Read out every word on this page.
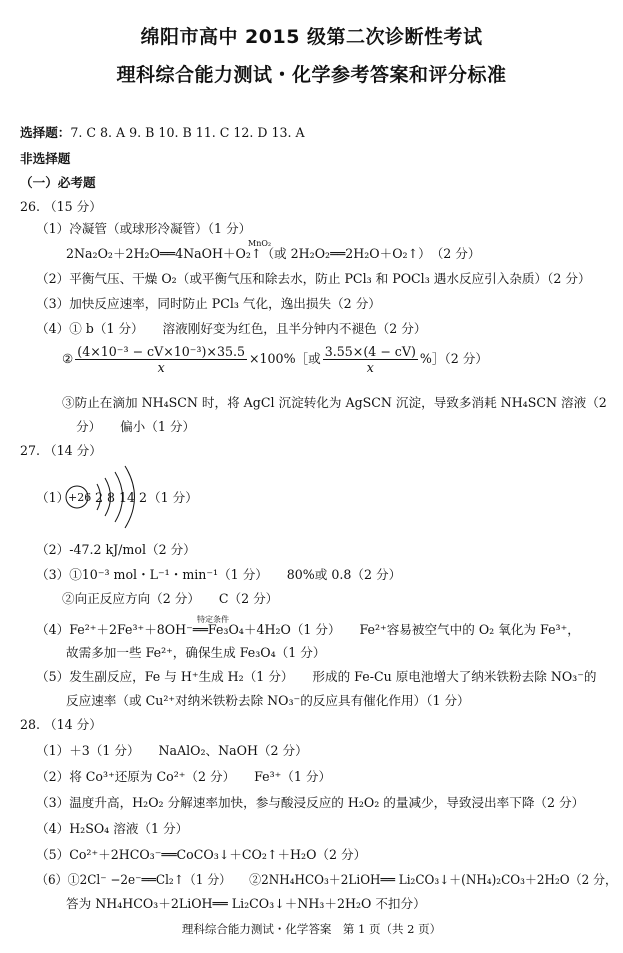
绵阳市高中 2015 级第二次诊断性考试
理科综合能力测试・化学参考答案和评分标准
选择题：7. C 8. A 9. B 10. B 11. C 12. D 13. A
非选择题
（一）必考题
26. （15 分）
（1）冷凝管（或球形冷凝管）（1 分）
MnO₂
2Na₂O₂＋2H₂O══4NaOH＋O₂↑（或 2H₂O₂══2H₂O＋O₂↑）　（2 分）
（2）平衡气压、干燥 O₂（或平衡气压和除去水，防止 PCl₃ 和 POCl₃ 遇水反应引入杂质）（2 分）
（3）加快反应速率，同时防止 PCl₃ 气化，逸出损失（2 分）
（4）① b（1 分）　　溶液刚好变为红色，且半分钟内不褪色（2 分）
② $\frac{\text{(4×10⁻³ − cV×10⁻³)×35.5}}{x}$ ×100%［或 $\frac{3.55\times(4 - cV)}{x}$ %］（2 分）
③防止在滴加 NH₄SCN 时，将 AgCl 沉淀转化为 AgSCN 沉淀，导致多消耗 NH₄SCN 溶液（2
分）　　偏小（1 分）
27. （14 分）
（1）
+26 2 8 14 2 （1 分）
（2）-47.2 kJ/mol（2 分）
（3）①10⁻³ mol・L⁻¹・min⁻¹（1 分）　　80%或 0.8（2 分）
②向正反应方向（2 分）　　C（2 分）
特定条件
（4）Fe²⁺＋2Fe³⁺＋8OH⁻══Fe₃O₄＋4H₂O（1 分）　　Fe²⁺容易被空气中的 O₂ 氧化为 Fe³⁺，
故需多加一些 Fe²⁺，确保生成 Fe₃O₄（1 分）
（5）发生副反应，Fe 与 H⁺生成 H₂（1 分）　　形成的 Fe-Cu 原电池增大了纳米铁粉去除 NO₃⁻的
反应速率（或 Cu²⁺对纳米铁粉去除 NO₃⁻的反应具有催化作用）（1 分）
28. （14 分）
（1）＋3（1 分）　　NaAlO₂、NaOH（2 分）
（2）将 Co³⁺还原为 Co²⁺（2 分）　　Fe³⁺（1 分）
（3）温度升高，H₂O₂ 分解速率加快，参与酸浸反应的 H₂O₂ 的量减少，导致浸出率下降（2 分）
（4）H₂SO₄ 溶液（1 分）
（5）Co²⁺＋2HCO₃⁻══CoCO₃↓＋CO₂↑＋H₂O（2 分）
（6）①2Cl⁻ −2e⁻══Cl₂↑（1 分）　　②2NH₄HCO₃＋2LiOH══ Li₂CO₃↓＋(NH₄)₂CO₃＋2H₂O（2 分，
答为 NH₄HCO₃＋2LiOH══ Li₂CO₃↓＋NH₃＋2H₂O 不扣分）
理科综合能力测试・化学答案　第 1 页（共 2 页）
